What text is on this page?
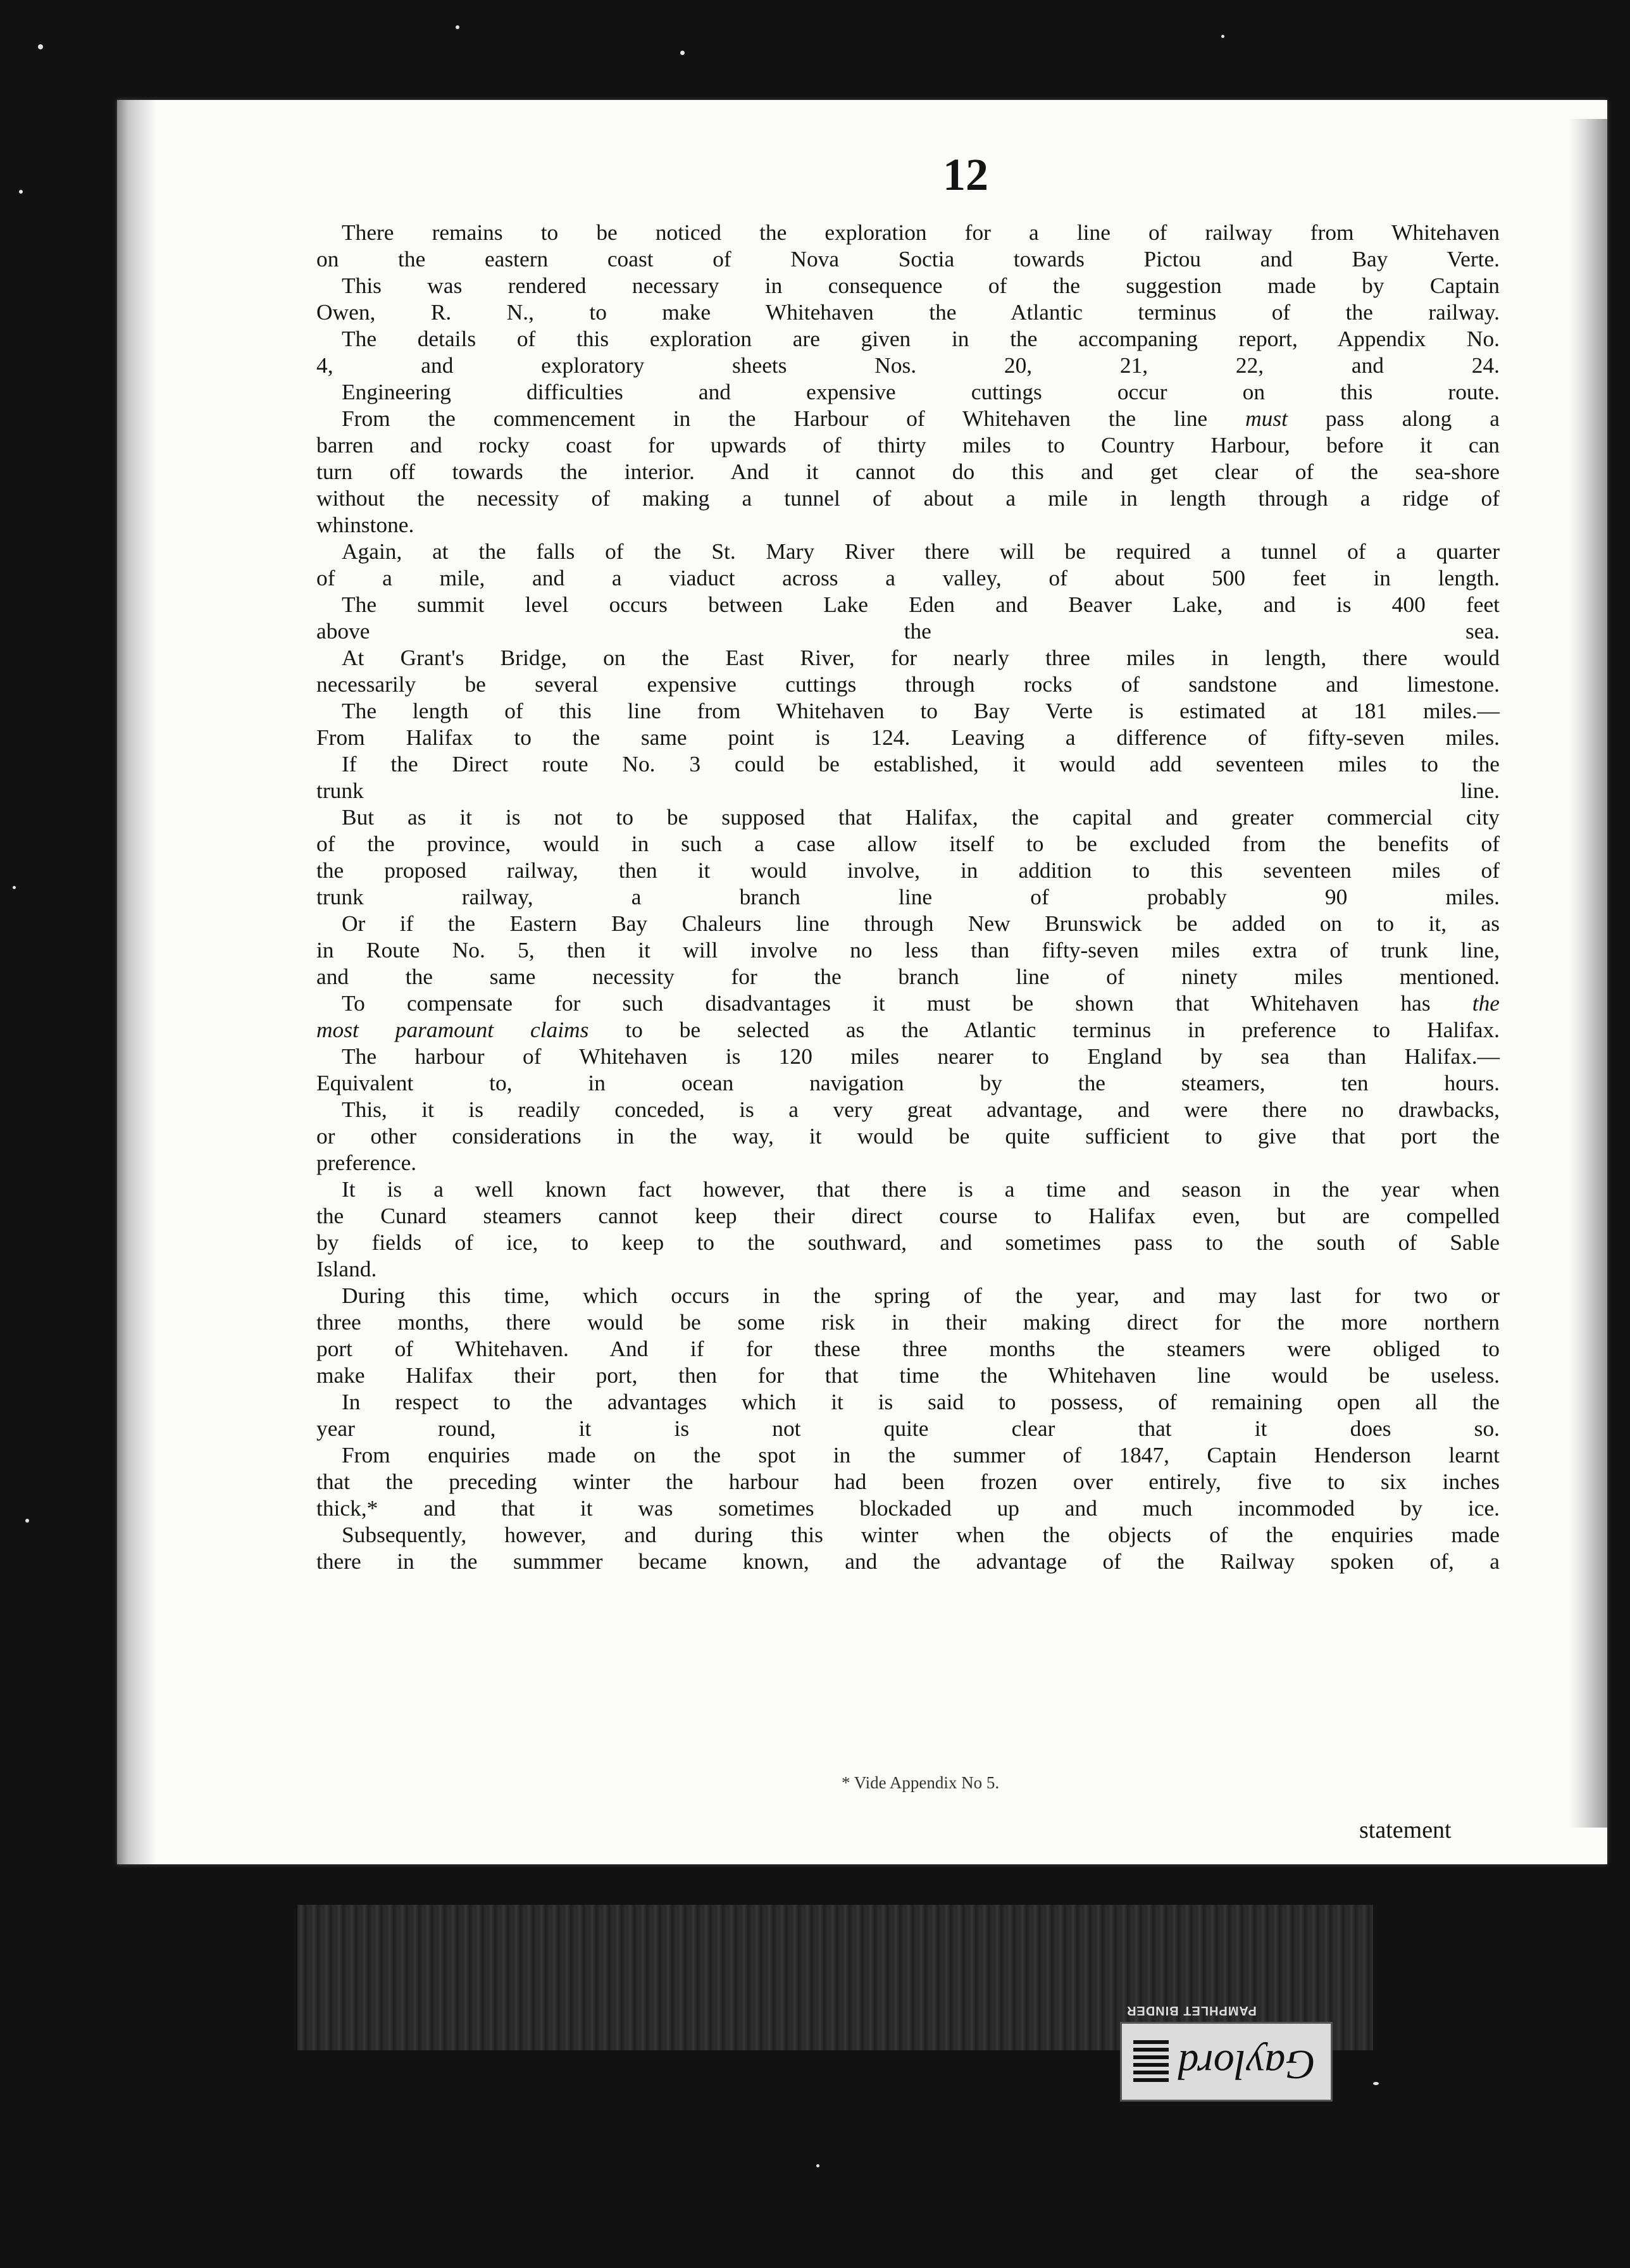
12
There remains to be noticed the exploration for a line of railway from Whitehaven
on the eastern coast of Nova Soctia towards Pictou and Bay Verte.
This was rendered necessary in consequence of the suggestion made by Captain
Owen, R. N., to make Whitehaven the Atlantic terminus of the railway.
The details of this exploration are given in the accompaning report, Appendix No.
4, and exploratory sheets Nos. 20, 21, 22, and 24.
Engineering difficulties and expensive cuttings occur on this route.
From the commencement in the Harbour of Whitehaven the line must pass along a
barren and rocky coast for upwards of thirty miles to Country Harbour, before it can
turn off towards the interior. And it cannot do this and get clear of the sea-shore
without the necessity of making a tunnel of about a mile in length through a ridge of
whinstone.
Again, at the falls of the St. Mary River there will be required a tunnel of a quarter
of a mile, and a viaduct across a valley, of about 500 feet in length.
The summit level occurs between Lake Eden and Beaver Lake, and is 400 feet
above the sea.
At Grant's Bridge, on the East River, for nearly three miles in length, there would
necessarily be several expensive cuttings through rocks of sandstone and limestone.
The length of this line from Whitehaven to Bay Verte is estimated at 181 miles.—
From Halifax to the same point is 124. Leaving a difference of fifty-seven miles.
If the Direct route No. 3 could be established, it would add seventeen miles to the
trunk line.
But as it is not to be supposed that Halifax, the capital and greater commercial city
of the province, would in such a case allow itself to be excluded from the benefits of
the proposed railway, then it would involve, in addition to this seventeen miles of
trunk railway, a branch line of probably 90 miles.
Or if the Eastern Bay Chaleurs line through New Brunswick be added on to it, as
in Route No. 5, then it will involve no less than fifty-seven miles extra of trunk line,
and the same necessity for the branch line of ninety miles mentioned.
To compensate for such disadvantages it must be shown that Whitehaven has the
most paramount claims to be selected as the Atlantic terminus in preference to Halifax.
The harbour of Whitehaven is 120 miles nearer to England by sea than Halifax.—
Equivalent to, in ocean navigation by the steamers, ten hours.
This, it is readily conceded, is a very great advantage, and were there no drawbacks,
or other considerations in the way, it would be quite sufficient to give that port the
preference.
It is a well known fact however, that there is a time and season in the year when
the Cunard steamers cannot keep their direct course to Halifax even, but are compelled
by fields of ice, to keep to the southward, and sometimes pass to the south of Sable
Island.
During this time, which occurs in the spring of the year, and may last for two or
three months, there would be some risk in their making direct for the more northern
port of Whitehaven. And if for these three months the steamers were obliged to
make Halifax their port, then for that time the Whitehaven line would be useless.
In respect to the advantages which it is said to possess, of remaining open all the
year round, it is not quite clear that it does so.
From enquiries made on the spot in the summer of 1847, Captain Henderson learnt
that the preceding winter the harbour had been frozen over entirely, five to six inches
thick,* and that it was sometimes blockaded up and much incommoded by ice.
Subsequently, however, and during this winter when the objects of the enquiries made
there in the summmer became known, and the advantage of the Railway spoken of, a
* Vide Appendix No 5.
statement
PAMPHLET BINDER
Gaylord
